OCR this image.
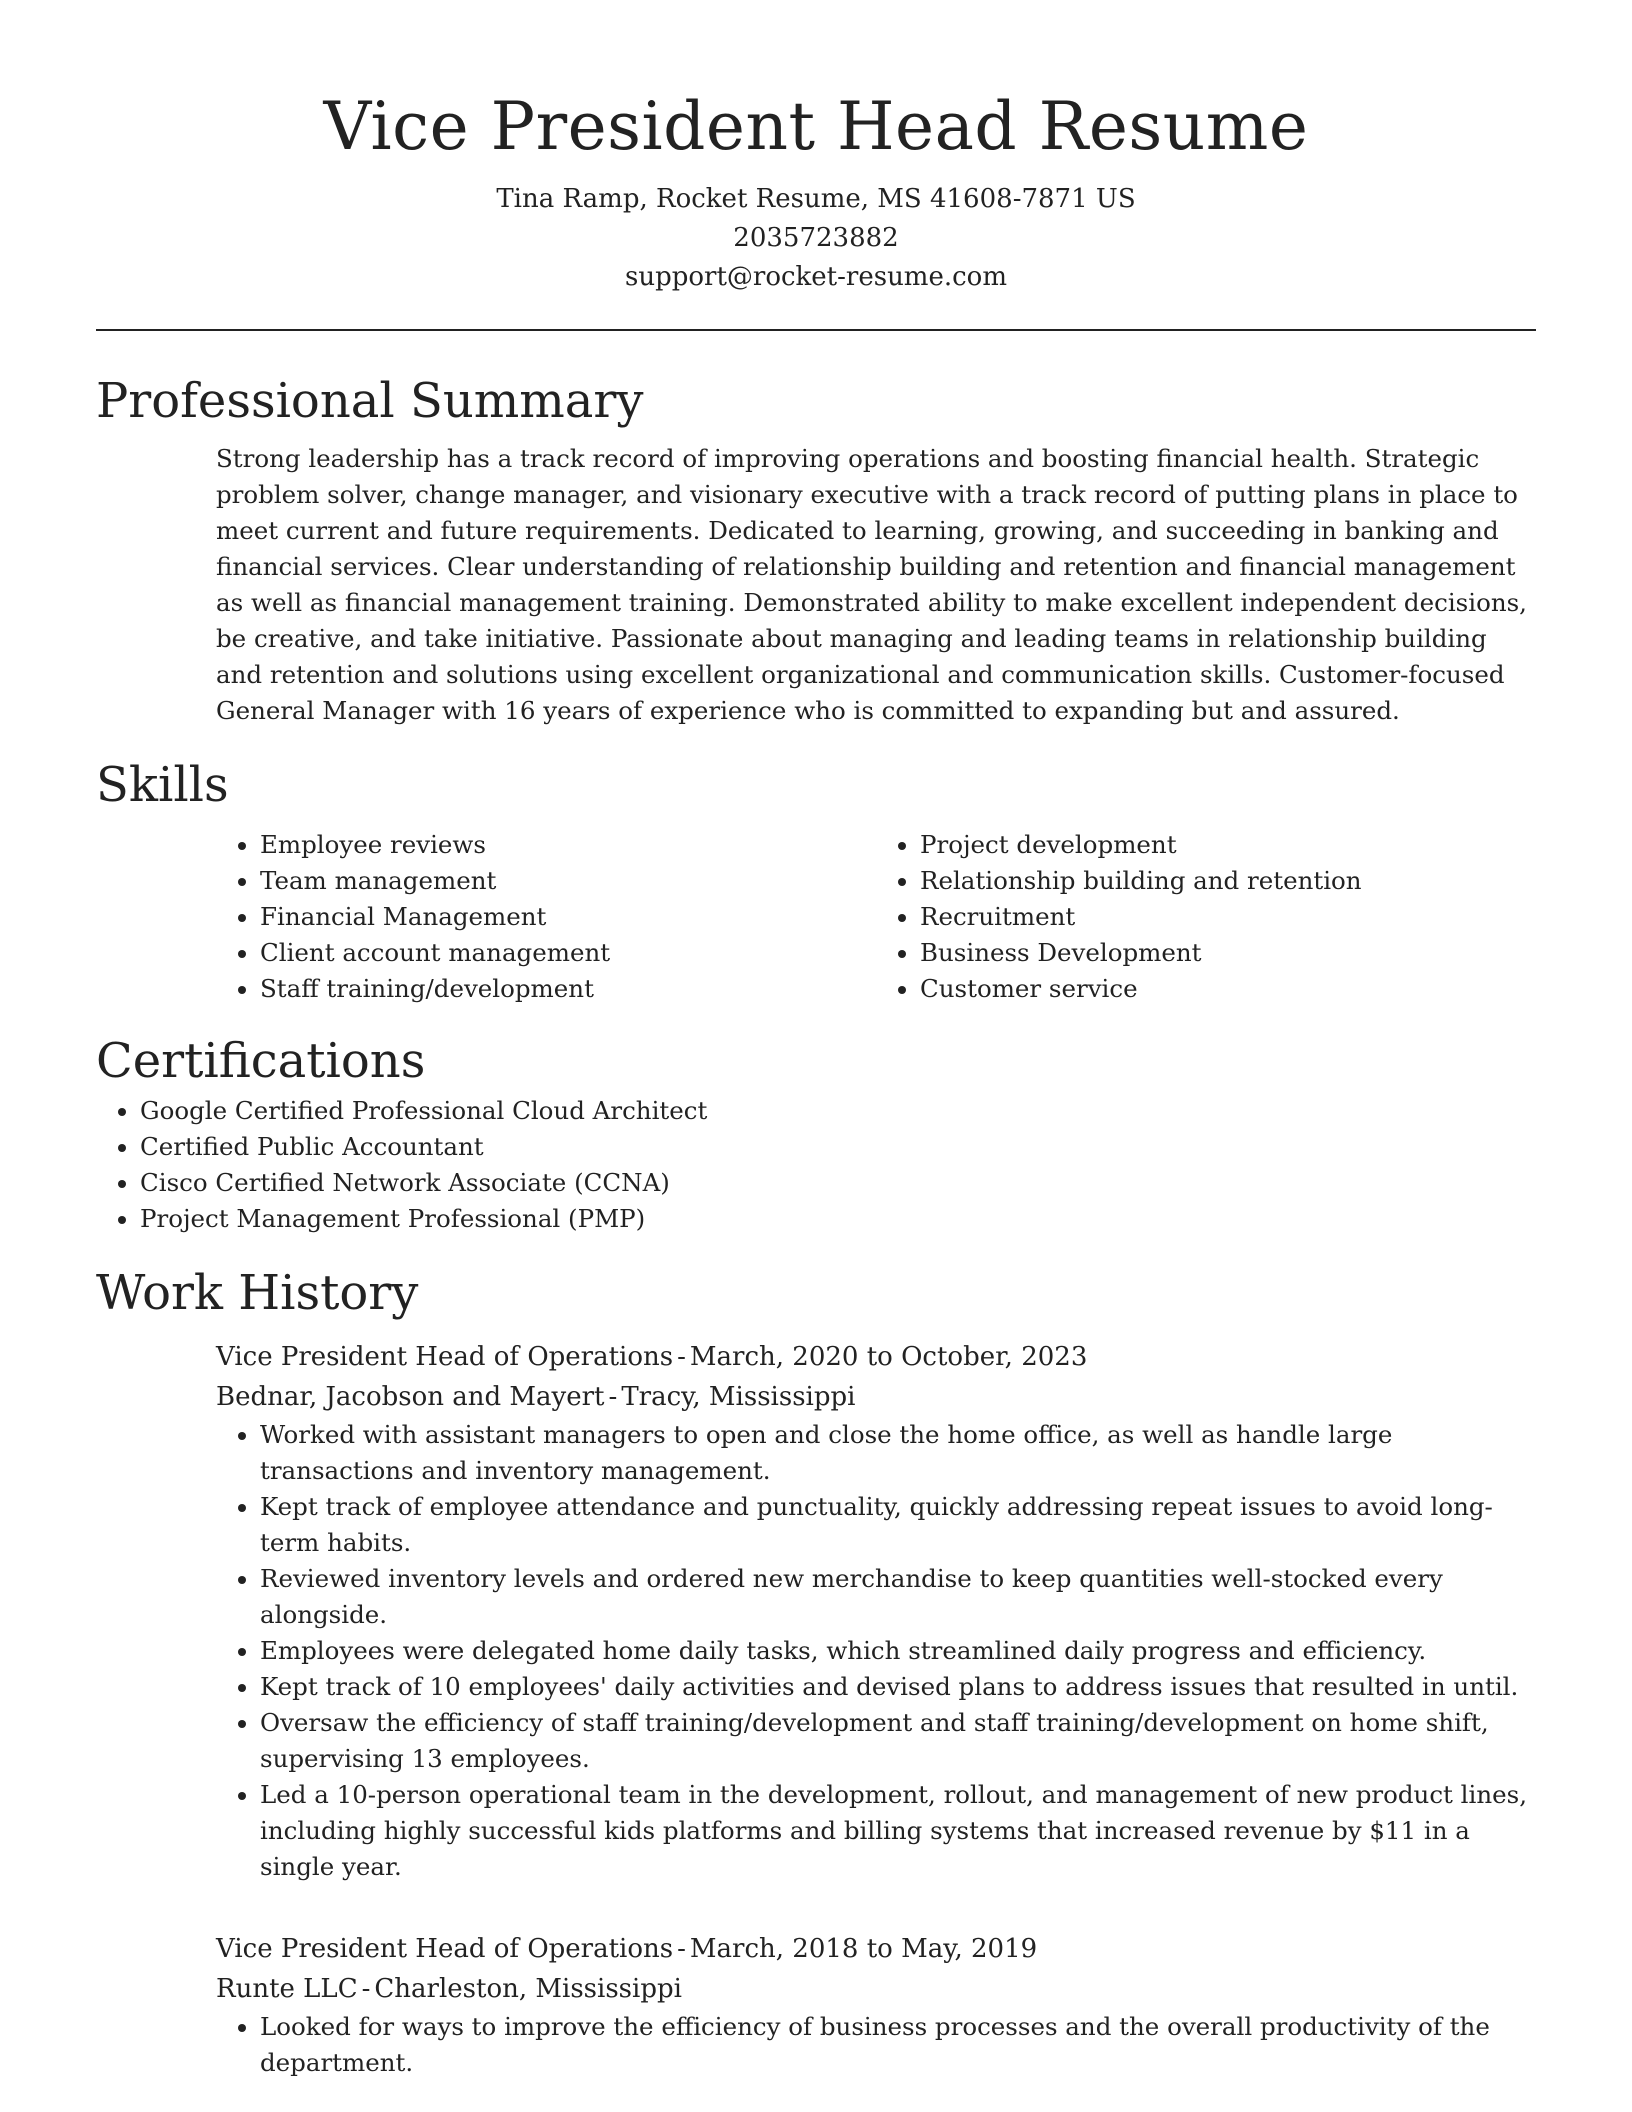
Vice President Head Resume
Tina Ramp, Rocket Resume, MS 41608-7871 US
2035723882
support@rocket-resume.com
Professional Summary

Strong leadership has a track record of improving operations and boosting financial health. Strategic problem solver, change manager, and visionary executive with a track record of putting plans in place to meet current and future requirements. Dedicated to learning, growing, and succeeding in banking and financial services. Clear understanding of relationship building and retention and financial management as well as financial management training. Demonstrated ability to make excellent independent decisions, be creative, and take initiative. Passionate about managing and leading teams in relationship building and retention and solutions using excellent organizational and communication skills. Customer-focused General Manager with 16 years of experience who is committed to expanding but and assured.

Skills
• Employee reviews
• Team management
• Financial Management
• Client account management
• Staff training/development
• Project development
• Relationship building and retention
• Recruitment
• Business Development
• Customer service
Certifications
• Google Certified Professional Cloud Architect
• Certified Public Accountant
• Cisco Certified Network Associate (CCNA)
• Project Management Professional (PMP)
Work History
Vice President Head of Operations - March, 2020 to October, 2023
Bednar, Jacobson and Mayert - Tracy, Mississippi
• Worked with assistant managers to open and close the home office, as well as handle large transactions and inventory management.
• Kept track of employee attendance and punctuality, quickly addressing repeat issues to avoid long-term habits.
• Reviewed inventory levels and ordered new merchandise to keep quantities well-stocked every alongside.
• Employees were delegated home daily tasks, which streamlined daily progress and efficiency.
• Kept track of 10 employees' daily activities and devised plans to address issues that resulted in until.
• Oversaw the efficiency of staff training/development and staff training/development on home shift, supervising 13 employees.
• Led a 10-person operational team in the development, rollout, and management of new product lines, including highly successful kids platforms and billing systems that increased revenue by $11 in a single year.
Vice President Head of Operations - March, 2018 to May, 2019
Runte LLC - Charleston, Mississippi
• Looked for ways to improve the efficiency of business processes and the overall productivity of the department.
